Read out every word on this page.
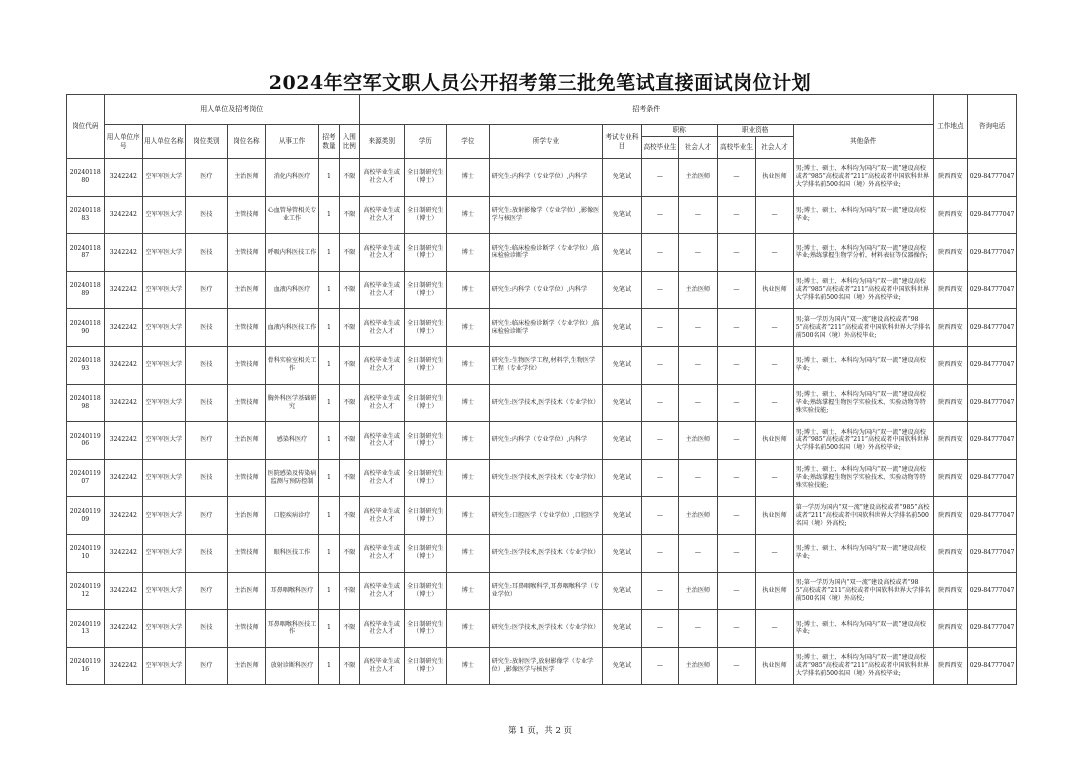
2024年空军文职人员公开招考第三批免笔试直接面试岗位计划
岗位代码	用人单位及招考岗位							招考条件										工作地点	咨询电话
	用人单位序号	用人单位名称	岗位类别	岗位名称	从事工作	招考数量	入围比例	来源类别	学历	学位	所学专业	考试专业科目	职称		职业资格		其他条件		
													高校毕业生	社会人才	高校毕业生	社会人才			
2024011880	3242242	空军军医大学	医疗	主治医师	消化内科医疗	1	不限	高校毕业生或社会人才	全日制研究生（博士）	博士	研究生:内科学（专业学位）,内科学	免笔试	—	主治医师	—	执业医师	男;博士、硕士、本科均为国内“双一流”建设高校或者“985”高校或者“211”高校或者中国软科世界大学排名前500名国（境）外高校毕业;	陕西西安	029-84777047
2024011883	3242242	空军军医大学	医技	主管技师	心血管导管相关专业工作	1	不限	高校毕业生或社会人才	全日制研究生（博士）	博士	研究生:放射影像学（专业学位）,影像医学与核医学	免笔试	—	—	—	—	男;博士、硕士、本科均为国内“双一流”建设高校毕业;	陕西西安	029-84777047
2024011887	3242242	空军军医大学	医技	主管技师	呼吸内科医技工作	1	不限	高校毕业生或社会人才	全日制研究生（博士）	博士	研究生:临床检验诊断学（专业学位）,临床检验诊断学	免笔试	—	—	—	—	男;博士、硕士、本科均为国内“双一流”建设高校毕业;熟练掌握生物学分析、材料表征等仪器操作;	陕西西安	029-84777047
2024011889	3242242	空军军医大学	医疗	主治医师	血液内科医疗	1	不限	高校毕业生或社会人才	全日制研究生（博士）	博士	研究生:内科学（专业学位）,内科学	免笔试	—	主治医师	—	执业医师	男;博士、硕士、本科均为国内“双一流”建设高校或者“985”高校或者“211”高校或者中国软科世界大学排名前500名国（境）外高校毕业;	陕西西安	029-84777047
2024011890	3242242	空军军医大学	医技	主管技师	血液内科医技工作	1	不限	高校毕业生或社会人才	全日制研究生（博士）	博士	研究生:临床检验诊断学（专业学位）,临床检验诊断学	免笔试	—	—	—	—	男;第一学历为国内“双一流”建设高校或者“985”高校或者“211”高校或者中国软科世界大学排名前500名国（境）外高校毕业;	陕西西安	029-84777047
2024011893	3242242	空军军医大学	医技	主管技师	骨科实验室相关工作	1	不限	高校毕业生或社会人才	全日制研究生（博士）	博士	研究生:生物医学工程,材料学,生物医学工程（专业学位）	免笔试	—	—	—	—	男;博士、硕士、本科均为国内“双一流”建设高校毕业;	陕西西安	029-84777047
2024011898	3242242	空军军医大学	医技	主管技师	胸外科医学基础研究	1	不限	高校毕业生或社会人才	全日制研究生（博士）	博士	研究生:医学技术,医学技术（专业学位）	免笔试	—	—	—	—	男;博士、硕士、本科均为国内“双一流”建设高校毕业;熟练掌握生物医学实验技术、实验动物等特殊实验技能;	陕西西安	029-84777047
2024011906	3242242	空军军医大学	医疗	主治医师	感染科医疗	1	不限	高校毕业生或社会人才	全日制研究生（博士）	博士	研究生:内科学（专业学位）,内科学	免笔试	—	主治医师	—	执业医师	男;博士、硕士、本科均为国内“双一流”建设高校或者“985”高校或者“211”高校或者中国软科世界大学排名前500名国（境）外高校毕业;	陕西西安	029-84777047
2024011907	3242242	空军军医大学	医技	主管技师	医院感染及传染病监测与预防控制	1	不限	高校毕业生或社会人才	全日制研究生（博士）	博士	研究生:医学技术,医学技术（专业学位）	免笔试	—	—	—	—	男;博士、硕士、本科均为国内“双一流”建设高校毕业;熟练掌握生物医学实验技术、实验动物等特殊实验技能;	陕西西安	029-84777047
2024011909	3242242	空军军医大学	医疗	主治医师	口腔疾病诊疗	1	不限	高校毕业生或社会人才	全日制研究生（博士）	博士	研究生:口腔医学（专业学位）,口腔医学	免笔试	—	主治医师	—	执业医师	第一学历为国内“双一流”建设高校或者“985”高校或者“211”高校或者中国软科世界大学排名前500名国（境）外高校;	陕西西安	029-84777047
2024011910	3242242	空军军医大学	医技	主管技师	眼科医技工作	1	不限	高校毕业生或社会人才	全日制研究生（博士）	博士	研究生:医学技术,医学技术（专业学位）	免笔试	—	—	—	—	男;博士、硕士、本科均为国内“双一流”建设高校毕业;	陕西西安	029-84777047
2024011912	3242242	空军军医大学	医疗	主治医师	耳鼻咽喉科医疗	1	不限	高校毕业生或社会人才	全日制研究生（博士）	博士	研究生:耳鼻咽喉科学,耳鼻咽喉科学（专业学位）	免笔试	—	主治医师	—	执业医师	男;第一学历为国内“双一流”建设高校或者“985”高校或者“211”高校或者中国软科世界大学排名前500名国（境）外高校;	陕西西安	029-84777047
2024011913	3242242	空军军医大学	医技	主管技师	耳鼻咽喉科医技工作	1	不限	高校毕业生或社会人才	全日制研究生（博士）	博士	研究生:医学技术,医学技术（专业学位）	免笔试	—	—	—	—	男;博士、硕士、本科均为国内“双一流”建设高校毕业;	陕西西安	029-84777047
2024011916	3242242	空军军医大学	医疗	主治医师	放射诊断科医疗	1	不限	高校毕业生或社会人才	全日制研究生（博士）	博士	研究生:放射医学,放射影像学（专业学位）,影像医学与核医学	免笔试	—	主治医师	—	执业医师	男;博士、硕士、本科均为国内“双一流”建设高校或者“985”高校或者“211”高校或者中国软科世界大学排名前500名国（境）外高校毕业;	陕西西安	029-84777047
第 1 页，共 2 页
